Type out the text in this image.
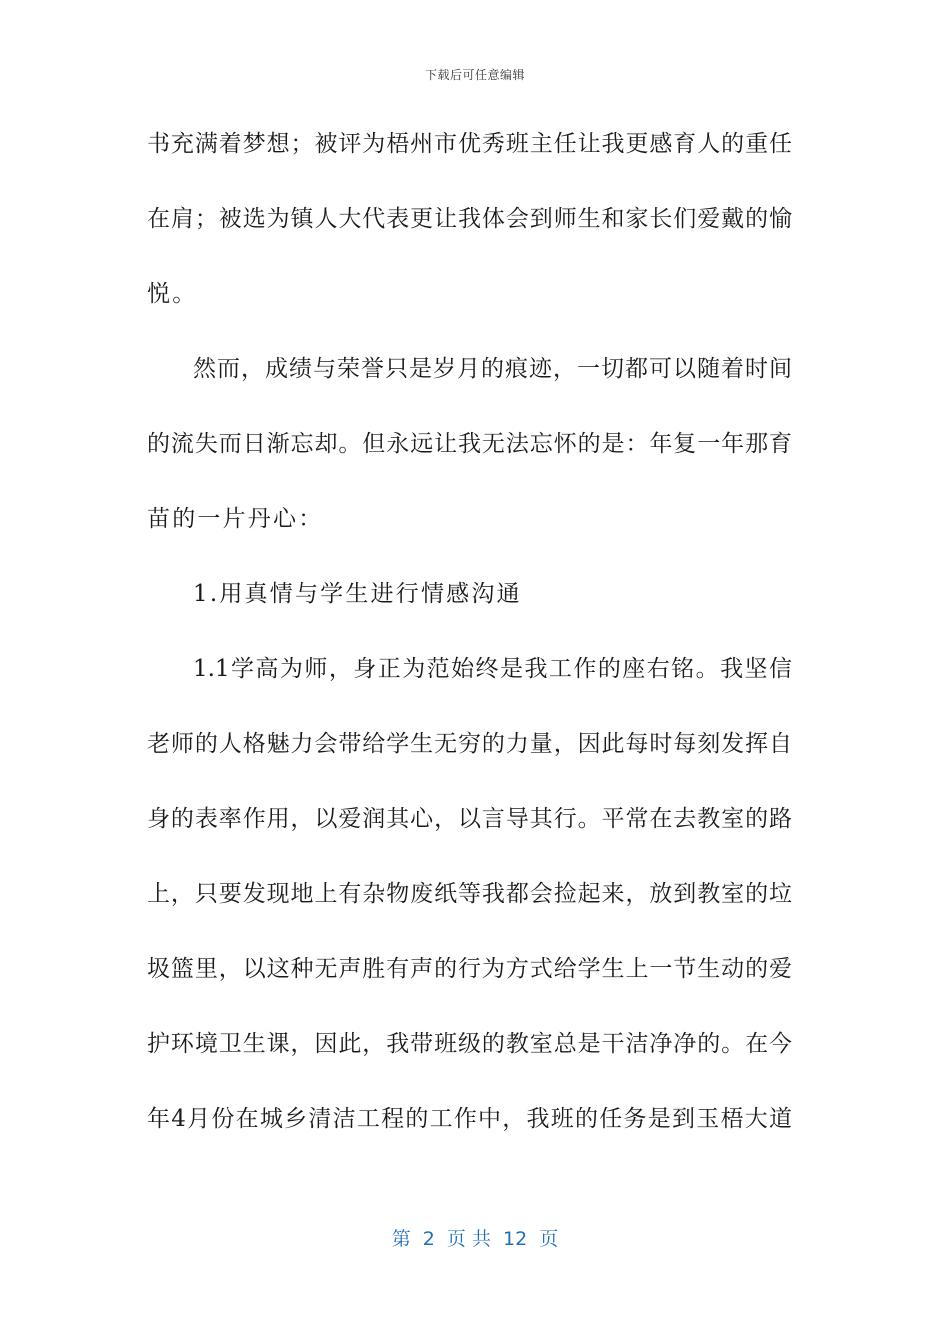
下载后可任意编辑
书充满着梦想；被评为梧州市优秀班主任让我更感育人的重任
在肩；被选为镇人大代表更让我体会到师生和家长们爱戴的愉
悦。
然而，成绩与荣誉只是岁月的痕迹，一切都可以随着时间
的流失而日渐忘却。但永远让我无法忘怀的是：年复一年那育
苗的一片丹心：
1.用真情与学生进行情感沟通
1.1学高为师，身正为范始终是我工作的座右铭。我坚信
老师的人格魅力会带给学生无穷的力量，因此每时每刻发挥自
身的表率作用，以爱润其心，以言导其行。平常在去教室的路
上，只要发现地上有杂物废纸等我都会捡起来，放到教室的垃
圾篮里，以这种无声胜有声的行为方式给学生上一节生动的爱
护环境卫生课，因此，我带班级的教室总是干洁净净的。在今
年4月份在城乡清洁工程的工作中，我班的任务是到玉梧大道
第  2  页 共  12  页
